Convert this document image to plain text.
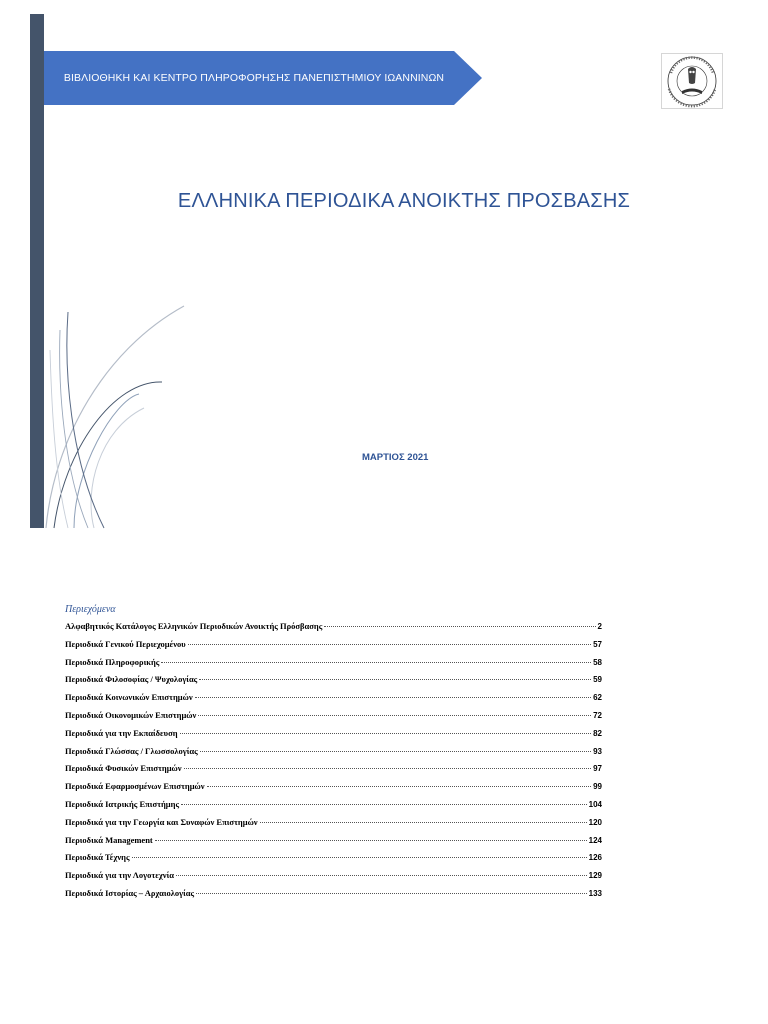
ΒΙΒΛΙΟΘΗΚΗ ΚΑΙ ΚΕΝΤΡΟ ΠΛΗΡΟΦΟΡΗΣΗΣ ΠΑΝΕΠΙΣΤΗΜΙΟΥ ΙΩΑΝΝΙΝΩΝ
ΕΛΛΗΝΙΚΑ ΠΕΡΙΟΔΙΚΑ ΑΝΟΙΚΤΗΣ ΠΡΟΣΒΑΣΗΣ
ΜΑΡΤΙΟΣ 2021
Περιεχόμενα
Αλφαβητικός Κατάλογος Ελληνικών Περιοδικών Ανοικτής Πρόσβασης	2
Περιοδικά Γενικού Περιεχομένου	57
Περιοδικά Πληροφορικής	58
Περιοδικά Φιλοσοφίας / Ψυχολογίας	59
Περιοδικά Κοινωνικών Επιστημών	62
Περιοδικά Οικονομικών Επιστημών	72
Περιοδικά για την Εκπαίδευση	82
Περιοδικά Γλώσσας / Γλωσσολογίας	93
Περιοδικά Φυσικών Επιστημών	97
Περιοδικά Εφαρμοσμένων Επιστημών	99
Περιοδικά Ιατρικής Επιστήμης	104
Περιοδικά για την Γεωργία και Συναφών Επιστημών	120
Περιοδικά Management	124
Περιοδικά Τέχνης	126
Περιοδικά για την Λογοτεχνία	129
Περιοδικά Ιστορίας – Αρχαιολογίας	133
